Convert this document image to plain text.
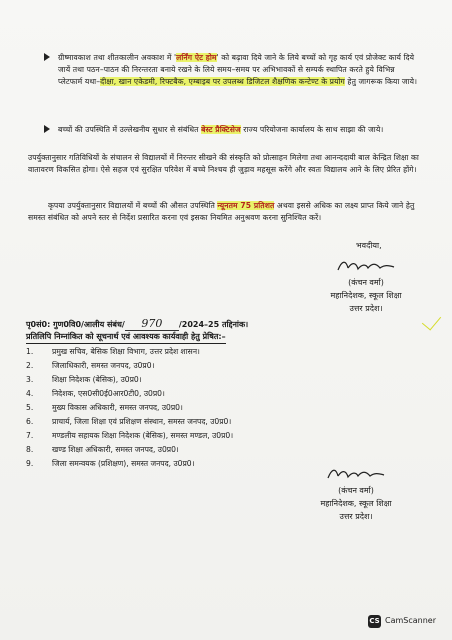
ग्रीष्मावकाश तथा शीतकालीन अवकाश में 'लर्निंग ऐट होम' को बढ़ावा दिये जाने के लिये बच्चों को गृह कार्य एवं प्रोजेक्ट कार्य दिये जायें तथा पठन–पाठन की निरन्तरता बनाये रखने के लिये समय–समय पर अभिभावकों से सम्पर्क स्थापित करते हुये विभिन्न प्लेटफार्म यथा–दीक्षा, खान एकेडमी, रिफ्टबैक, एम्बाइब पर उपलब्ध डिजिटल शैक्षणिक कन्टेण्ट के प्रयोग हेतु जागरूक किया जाये।
बच्चों की उपस्थिति में उल्लेखनीय सुधार से संबंधित बेस्ट प्रैक्टिसेज राज्य परियोजना कार्यालय के साथ साझा की जाये।
उपर्युक्तानुसार गतिविधियों के संचालन से विद्यालयों में निरन्तर सीखने की संस्कृति को प्रोत्साहन मिलेगा तथा आनन्ददायी बाल केन्द्रित शिक्षा का वातावरण विकसित होगा। ऐसे सहज एवं सुरक्षित परिवेश में बच्चे निश्चय ही जुड़ाव महसूस करेंगे और स्वतः विद्यालय आने के लिए प्रेरित होंगे।
कृपया उपर्युक्तानुसार विद्यालयों में बच्चों की औसत उपस्थिति न्यूनतम 75 प्रतिशत अथवा इससे अधिक का लक्ष्य प्राप्त किये जाने हेतु समस्त संबंधित को अपने स्तर से निर्देश प्रसारित करना एवं इसका नियमित अनुश्रवण करना सुनिश्चित करें।
भवदीया,
(कंचन वर्मा)
महानिदेशक, स्कूल शिक्षा
उत्तर प्रदेश।
पृ0सं0: गुण0वि0/आलीय संबंध/ 970 /2024–25 तद्दिनांक।
प्रतिलिपि निम्नांकित को सूचनार्थ एवं आवश्यक कार्यवाही हेतु प्रेषित:–
1.	प्रमुख सचिव, बेसिक शिक्षा विभाग, उत्तर प्रदेश शासन।
2.	जिलाधिकारी, समस्त जनपद, उ0प्र0।
3.	शिक्षा निदेशक (बेसिक), उ0प्र0।
4.	निदेशक, एस0सी0ई0आर0टी0, उ0प्र0।
5.	मुख्य विकास अधिकारी, समस्त जनपद, उ0प्र0।
6.	प्राचार्य, जिला शिक्षा एवं प्रशिक्षण संस्थान, समस्त जनपद, उ0प्र0।
7.	मण्डलीय सहायक शिक्षा निदेशक (बेसिक), समस्त मण्डल, उ0प्र0।
8.	खण्ड शिक्षा अधिकारी, समस्त जनपद, उ0प्र0।
9.	जिला समन्वयक (प्रशिक्षण), समस्त जनपद, उ0प्र0।
(कंचन वर्मा)
महानिदेशक, स्कूल शिक्षा
उत्तर प्रदेश।
CS CamScanner
